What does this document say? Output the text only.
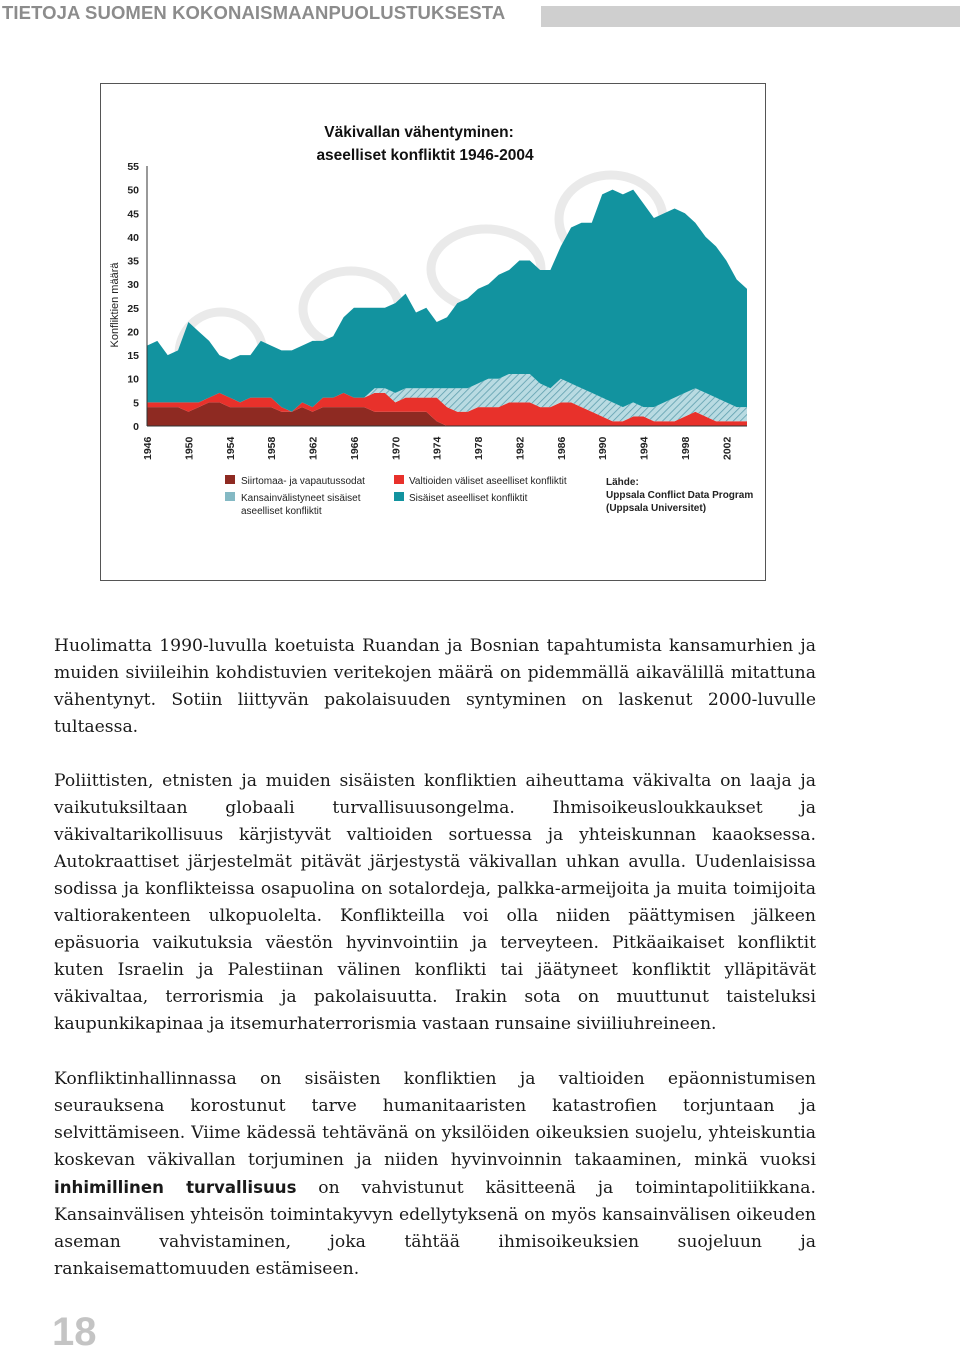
TIETOJA SUOMEN KOKONAISMAANPUOLUSTUKSESTA
Väkivallan vähentyminen:
aseelliset konfliktit 1946-2004
Konfliktien määrä
0
5
10
15
20
25
30
35
40
45
50
55
1946	1950	1954	1958	1962	1966	1970	1974	1978	1982	1986	1990	1994	1998	2002
Siirtomaa- ja vapautussodat
Kansainvälistyneet sisäiset
aseelliset konfliktit
Valtioiden väliset aseelliset konfliktit
Sisäiset aseelliset konfliktit
Lähde:
Uppsala Conflict Data Program
(Uppsala Universitet)

Huolimatta 1990-luvulla koetuista Ruandan ja Bosnian tapahtumista kansamurhien ja muiden siviileihin kohdistuvien veritekojen määrä on pidemmällä aikavälillä mitattuna vähentynyt. Sotiin liittyvän pakolaisuuden syntyminen on laskenut 2000-luvulle tultaessa.

Poliittisten, etnisten ja muiden sisäisten konfliktien aiheuttama väkivalta on laaja ja vaikutuksiltaan globaali turvallisuusongelma. Ihmisoikeusloukkaukset ja väkivaltarikollisuus kärjistyvät valtioiden sortuessa ja yhteiskunnan kaaoksessa. Autokraattiset järjestelmät pitävät järjestystä väkivallan uhkan avulla. Uudenlaisissa sodissa ja konflikteissa osapuolina on sotalordeja, palkka-armeijoita ja muita toimijoita valtiorakenteen ulkopuolelta. Konflikteilla voi olla niiden päättymisen jälkeen epäsuoria vaikutuksia väestön hyvinvointiin ja terveyteen. Pitkäaikaiset konfliktit kuten Israelin ja Palestiinan välinen konflikti tai jäätyneet konfliktit ylläpitävät väkivaltaa, terrorismia ja pakolaisuutta. Irakin sota on muuttunut taisteluksi kaupunkikapinaa ja itsemurhaterrorismia vastaan runsaine siviiliuhreineen.

Konfliktinhallinnassa on sisäisten konfliktien ja valtioiden epäonnistumisen seurauksena korostunut tarve humanitaaristen katastrofien torjuntaan ja selvittämiseen. Viime kädessä tehtävänä on yksilöiden oikeuksien suojelu, yhteiskuntia koskevan väkivallan torjuminen ja niiden hyvinvoinnin takaaminen, minkä vuoksi inhimillinen turvallisuus on vahvistunut käsitteenä ja toimintapolitiikkana. Kansainvälisen yhteisön toimintakyvyn edellytyksenä on myös kansainvälisen oikeuden aseman vahvistaminen, joka tähtää ihmisoikeuksien suojeluun ja rankaisemattomuuden estämiseen.

18
